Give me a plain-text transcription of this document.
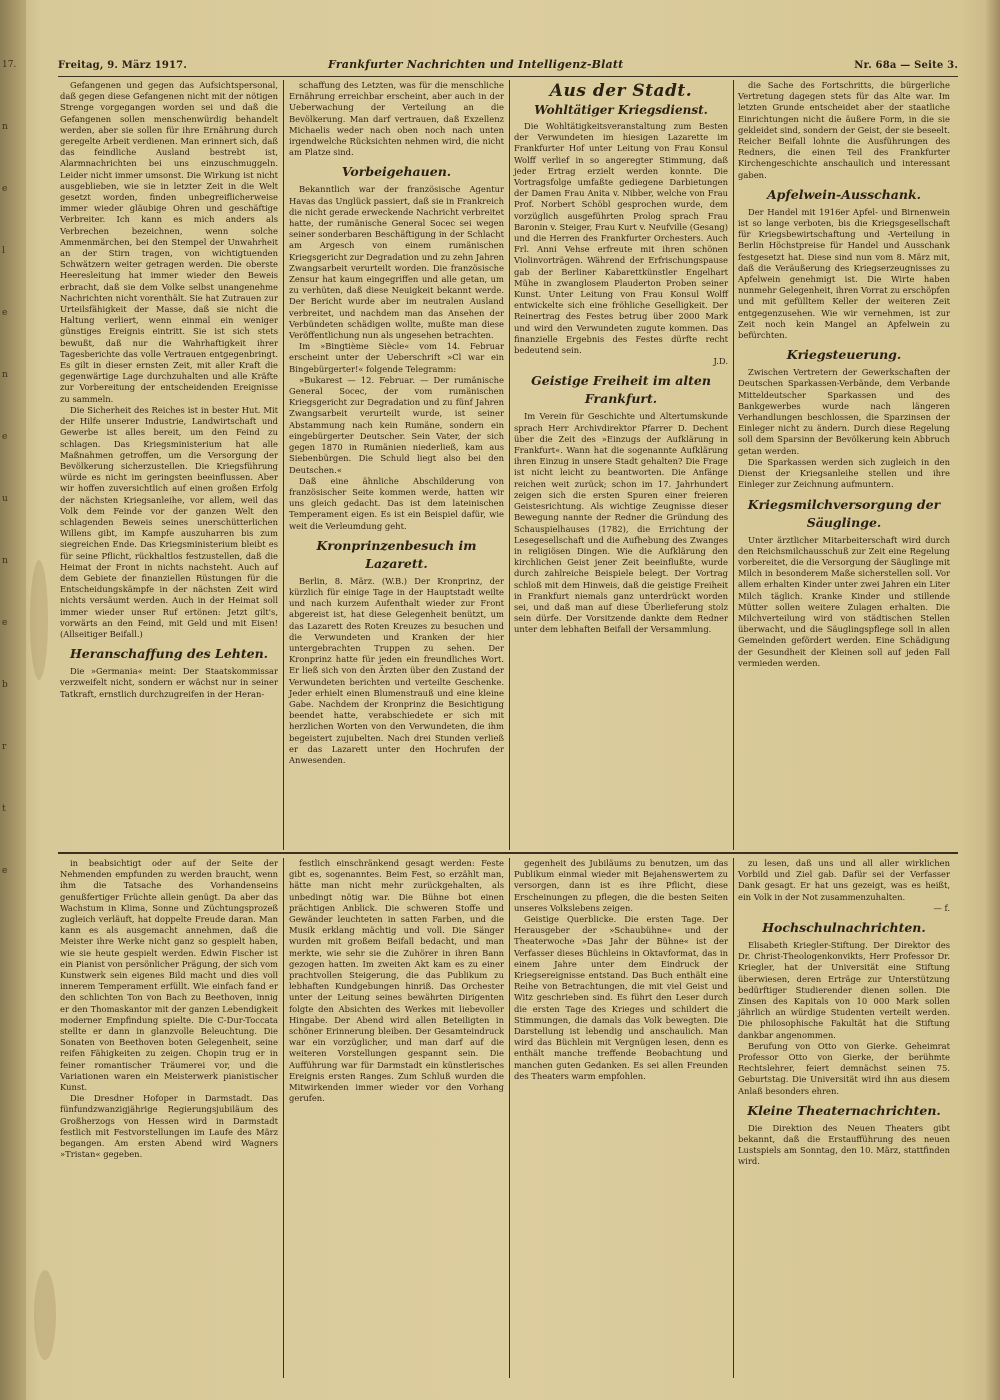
17.
n
e
l
e
n
e
u
n
e
b
r
t
e
Freitag, 9. März 1917.	Frankfurter Nachrichten und Intelligenz-Blatt	Nr. 68a — Seite 3.

Gefangenen und gegen das Aufsichtspersonal, daß gegen diese Gefangenen nicht mit der nötigen Strenge vorgegangen worden sei und daß die Gefangenen sollen menschenwürdig behandelt werden, aber sie sollen für ihre Ernährung durch geregelte Arbeit verdienen. Man erinnert sich, daß das feindliche Ausland bestrebt ist, Alarmnachrichten bei uns einzuschmuggeln. Leider nicht immer umsonst. Die Wirkung ist nicht ausgeblieben, wie sie in letzter Zeit in die Welt gesetzt worden, finden unbegreiflicherweise immer wieder gläubige Ohren und geschäftige Verbreiter. Ich kann es mich anders als Verbrechen bezeichnen, wenn solche Ammenmärchen, bei den Stempel der Unwahrheit an der Stirn tragen, von wichtigtuenden Schwätzern weiter getragen werden. Die oberste Heeresleitung hat immer wieder den Beweis erbracht, daß sie dem Volke selbst unangenehme Nachrichten nicht vorenthält. Sie hat Zutrauen zur Urteilsfähigkeit der Masse, daß sie nicht die Haltung verliert, wenn einmal ein weniger günstiges Ereignis eintritt. Sie ist sich stets bewußt, daß nur die Wahrhaftigkeit ihrer Tagesberichte das volle Vertrauen entgegenbringt. Es gilt in dieser ernsten Zeit, mit aller Kraft die gegenwärtige Lage durchzuhalten und alle Kräfte zur Vorbereitung der entscheidenden Ereignisse zu sammeln.

Die Sicherheit des Reiches ist in bester Hut. Mit der Hilfe unserer Industrie, Landwirtschaft und Gewerbe ist alles bereit, um den Feind zu schlagen. Das Kriegsministerium hat alle Maßnahmen getroffen, um die Versorgung der Bevölkerung sicherzustellen. Die Kriegsführung würde es nicht im geringsten beeinflussen. Aber wir hoffen zuversichtlich auf einen großen Erfolg der nächsten Kriegsanleihe, vor allem, weil das Volk dem Feinde vor der ganzen Welt den schlagenden Beweis seines unerschütterlichen Willens gibt, im Kampfe auszuharren bis zum siegreichen Ende. Das Kriegsministerium bleibt es für seine Pflicht, rückhaltlos festzustellen, daß die Heimat der Front in nichts nachsteht. Auch auf dem Gebiete der finanziellen Rüstungen für die Entscheidungskämpfe in der nächsten Zeit wird nichts versäumt werden. Auch in der Heimat soll immer wieder unser Ruf ertönen: Jetzt gilt's, vorwärts an den Feind, mit Geld und mit Eisen! (Allseitiger Beifall.)

Heranschaffung des Lehten.

Die »Germania« meint: Der Staatskommissar verzweifelt nicht, sondern er wächst nur in seiner Tatkraft, ernstlich durchzugreifen in der Heran-

schaffung des Letzten, was für die menschliche Ernährung erreichbar erscheint, aber auch in der Ueberwachung der Verteilung an die Bevölkerung. Man darf vertrauen, daß Exzellenz Michaelis weder nach oben noch nach unten irgendwelche Rücksichten nehmen wird, die nicht am Platze sind.

Vorbeigehauen.

Bekanntlich war der französische Agentur Havas das Unglück passiert, daß sie in Frankreich die nicht gerade erweckende Nachricht verbreitet hatte, der rumänische General Socec sei wegen seiner sonderbaren Beschäftigung in der Schlacht am Argesch von einem rumänischen Kriegsgericht zur Degradation und zu zehn Jahren Zwangsarbeit verurteilt worden. Die französische Zensur hat kaum eingegriffen und alle getan, um zu verhüten, daß diese Neuigkeit bekannt werde. Der Bericht wurde aber im neutralen Ausland verbreitet, und nachdem man das Ansehen der Verbündeten schädigen wollte, mußte man diese Veröffentlichung nun als ungesehen betrachten.

Im »Bingtième Siècle« vom 14. Februar erscheint unter der Ueberschrift »Cl war ein Bingebürgerter!« folgende Telegramm:

»Bukarest — 12. Februar. — Der rumänische General Socec, der vom rumänischen Kriegsgericht zur Degradation und zu fünf Jahren Zwangsarbeit verurteilt wurde, ist seiner Abstammung nach kein Rumäne, sondern ein eingebürgerter Deutscher. Sein Vater, der sich gegen 1870 in Rumänien niederließ, kam aus Siebenbürgen. Die Schuld liegt also bei den Deutschen.«

Daß eine ähnliche Abschilderung von französischer Seite kommen werde, hatten wir uns gleich gedacht. Das ist dem lateinischen Temperament eigen. Es ist ein Beispiel dafür, wie weit die Verleumdung geht.

Kronprinzenbesuch im Lazarett.

Berlin, 8. März. (W.B.) Der Kronprinz, der kürzlich für einige Tage in der Hauptstadt weilte und nach kurzem Aufenthalt wieder zur Front abgereist ist, hat diese Gelegenheit benützt, um das Lazarett des Roten Kreuzes zu besuchen und die Verwundeten und Kranken der hier untergebrachten Truppen zu sehen. Der Kronprinz hatte für jeden ein freundliches Wort. Er ließ sich von den Ärzten über den Zustand der Verwundeten berichten und verteilte Geschenke. Jeder erhielt einen Blumenstrauß und eine kleine Gabe. Nachdem der Kronprinz die Besichtigung beendet hatte, verabschiedete er sich mit herzlichen Worten von den Verwundeten, die ihm begeistert zujubelten. Nach drei Stunden verließ er das Lazarett unter den Hochrufen der Anwesenden.

Aus der Stadt.
Wohltätiger Kriegsdienst.

Die Wohltätigkeitsveranstaltung zum Besten der Verwundeten im hiesigen Lazarette im Frankfurter Hof unter Leitung von Frau Konsul Wolff verlief in so angeregter Stimmung, daß jeder Ertrag erzielt werden konnte. Die Vortragsfolge umfaßte gediegene Darbietungen der Damen Frau Anita v. Nibber, welche von Frau Prof. Norbert Schöbl gesprochen wurde, dem vorzüglich ausgeführten Prolog sprach Frau Baronin v. Steiger, Frau Kurt v. Neufville (Gesang) und die Herren des Frankfurter Orchesters. Auch Frl. Anni Vehse erfreute mit ihren schönen Violinvorträgen. Während der Erfrischungspause gab der Berliner Kabarettkünstler Engelhart Mühe in zwanglosem Plauderton Proben seiner Kunst. Unter Leitung von Frau Konsul Wolff entwickelte sich eine fröhliche Geselligkeit. Der Reinertrag des Festes betrug über 2000 Mark und wird den Verwundeten zugute kommen. Das finanzielle Ergebnis des Festes dürfte recht bedeutend sein.

J.D.
Geistige Freiheit im alten Frankfurt.

Im Verein für Geschichte und Altertumskunde sprach Herr Archivdirektor Pfarrer D. Dechent über die Zeit des »Einzugs der Aufklärung in Frankfurt«. Wann hat die sogenannte Aufklärung ihren Einzug in unsere Stadt gehalten? Die Frage ist nicht leicht zu beantworten. Die Anfänge reichen weit zurück; schon im 17. Jahrhundert zeigen sich die ersten Spuren einer freieren Geistesrichtung. Als wichtige Zeugnisse dieser Bewegung nannte der Redner die Gründung des Schauspielhauses (1782), die Errichtung der Lesegesellschaft und die Aufhebung des Zwanges in religiösen Dingen. Wie die Aufklärung den kirchlichen Geist jener Zeit beeinflußte, wurde durch zahlreiche Beispiele belegt. Der Vortrag schloß mit dem Hinweis, daß die geistige Freiheit in Frankfurt niemals ganz unterdrückt worden sei, und daß man auf diese Überlieferung stolz sein dürfe. Der Vorsitzende dankte dem Redner unter dem lebhaften Beifall der Versammlung.

die Sache des Fortschritts, die bürgerliche Vertretung dagegen stets für das Alte war. Im letzten Grunde entscheidet aber der staatliche Einrichtungen nicht die äußere Form, in die sie gekleidet sind, sondern der Geist, der sie beseelt. Reicher Beifall lohnte die Ausführungen des Redners, die einen Teil des Frankfurter Kirchengeschichte anschaulich und interessant gaben.

Apfelwein-Ausschank.

Der Handel mit 1916er Apfel- und Birnenwein ist so lange verboten, bis die Kriegsgesellschaft für Kriegsbewirtschaftung und -Verteilung in Berlin Höchstpreise für Handel und Ausschank festgesetzt hat. Diese sind nun vom 8. März mit, daß die Veräußerung des Kriegserzeugnisses zu Apfelwein genehmigt ist. Die Wirte haben nunmehr Gelegenheit, ihren Vorrat zu erschöpfen und mit gefülltem Keller der weiteren Zeit entgegenzusehen. Wie wir vernehmen, ist zur Zeit noch kein Mangel an Apfelwein zu befürchten.

Kriegsteuerung.

Zwischen Vertretern der Gewerkschaften der Deutschen Sparkassen-Verbände, dem Verbande Mitteldeutscher Sparkassen und des Bankgewerbes wurde nach längeren Verhandlungen beschlossen, die Sparzinsen der Einleger nicht zu ändern. Durch diese Regelung soll dem Sparsinn der Bevölkerung kein Abbruch getan werden.

Die Sparkassen werden sich zugleich in den Dienst der Kriegsanleihe stellen und ihre Einleger zur Zeichnung aufmuntern.

Kriegsmilchversorgung der Säuglinge.

Unter ärztlicher Mitarbeiterschaft wird durch den Reichsmilchausschuß zur Zeit eine Regelung vorbereitet, die die Versorgung der Säuglinge mit Milch in besonderem Maße sicherstellen soll. Vor allem erhalten Kinder unter zwei Jahren ein Liter Milch täglich. Kranke Kinder und stillende Mütter sollen weitere Zulagen erhalten. Die Milchverteilung wird von städtischen Stellen überwacht, und die Säuglingspflege soll in allen Gemeinden gefördert werden. Eine Schädigung der Gesundheit der Kleinen soll auf jeden Fall vermieden werden.

in beabsichtigt oder auf der Seite der Nehmenden empfunden zu werden braucht, wenn ihm die Tatsache des Vorhandenseins genußfertiger Früchte allein genügt. Da aber das Wachstum in Klima, Sonne und Züchtungsprozeß zugleich verläuft, hat doppelte Freude daran. Man kann es als ausgemacht annehmen, daß die Meister ihre Werke nicht ganz so gespielt haben, wie sie heute gespielt werden. Edwin Fischer ist ein Pianist von persönlicher Prägung, der sich vom Kunstwerk sein eigenes Bild macht und dies voll innerem Temperament erfüllt. Wie einfach fand er den schlichten Ton von Bach zu Beethoven, innig er den Thomaskantor mit der ganzen Lebendigkeit moderner Empfindung spielte. Die C-Dur-Toccata stellte er dann in glanzvolle Beleuchtung. Die Sonaten von Beethoven boten Gelegenheit, seine reifen Fähigkeiten zu zeigen. Chopin trug er in feiner romantischer Träumerei vor, und die Variationen waren ein Meisterwerk pianistischer Kunst.

Die Dresdner Hofoper in Darmstadt. Das fünfundzwanzigjährige Regierungsjubiläum des Großherzogs von Hessen wird in Darmstadt festlich mit Festvorstellungen im Laufe des März begangen. Am ersten Abend wird Wagners »Tristan« gegeben.

festlich einschränkend gesagt werden: Feste gibt es, sogenanntes. Beim Fest, so erzählt man, hätte man nicht mehr zurückgehalten, als unbedingt nötig war. Die Bühne bot einen prächtigen Anblick. Die schweren Stoffe und Gewänder leuchteten in satten Farben, und die Musik erklang mächtig und voll. Die Sänger wurden mit großem Beifall bedacht, und man merkte, wie sehr sie die Zuhörer in ihren Bann gezogen hatten. Im zweiten Akt kam es zu einer prachtvollen Steigerung, die das Publikum zu lebhaften Kundgebungen hinriß. Das Orchester unter der Leitung seines bewährten Dirigenten folgte den Absichten des Werkes mit liebevoller Hingabe. Der Abend wird allen Beteiligten in schöner Erinnerung bleiben. Der Gesamteindruck war ein vorzüglicher, und man darf auf die weiteren Vorstellungen gespannt sein. Die Aufführung war für Darmstadt ein künstlerisches Ereignis ersten Ranges. Zum Schluß wurden die Mitwirkenden immer wieder vor den Vorhang gerufen.

gegenheit des Jubiläums zu benutzen, um das Publikum einmal wieder mit Bejahenswertem zu versorgen, dann ist es ihre Pflicht, diese Erscheinungen zu pflegen, die die besten Seiten unseres Volkslebens zeigen.

Geistige Querblicke. Die ersten Tage. Der Herausgeber der »Schaubühne« und der Theaterwoche »Das Jahr der Bühne« ist der Verfasser dieses Büchleins in Oktavformat, das in einem Jahre unter dem Eindruck der Kriegsereignisse entstand. Das Buch enthält eine Reihe von Betrachtungen, die mit viel Geist und Witz geschrieben sind. Es führt den Leser durch die ersten Tage des Krieges und schildert die Stimmungen, die damals das Volk bewegten. Die Darstellung ist lebendig und anschaulich. Man wird das Büchlein mit Vergnügen lesen, denn es enthält manche treffende Beobachtung und manchen guten Gedanken. Es sei allen Freunden des Theaters warm empfohlen.

zu lesen, daß uns und all aller wirklichen Vorbild und Ziel gab. Dafür sei der Verfasser Dank gesagt. Er hat uns gezeigt, was es heißt, ein Volk in der Not zusammenzuhalten.

— f.
Hochschulnachrichten.

Elisabeth Kriegler-Stiftung. Der Direktor des Dr. Christ-Theologenkonvikts, Herr Professor Dr. Kriegler, hat der Universität eine Stiftung überwiesen, deren Erträge zur Unterstützung bedürftiger Studierender dienen sollen. Die Zinsen des Kapitals von 10 000 Mark sollen jährlich an würdige Studenten verteilt werden. Die philosophische Fakultät hat die Stiftung dankbar angenommen.

Berufung von Otto von Gierke. Geheimrat Professor Otto von Gierke, der berühmte Rechtslehrer, feiert demnächst seinen 75. Geburtstag. Die Universität wird ihn aus diesem Anlaß besonders ehren.

Kleine Theaternachrichten.

Die Direktion des Neuen Theaters gibt bekannt, daß die Erstaufführung des neuen Lustspiels am Sonntag, den 10. März, stattfinden wird.
